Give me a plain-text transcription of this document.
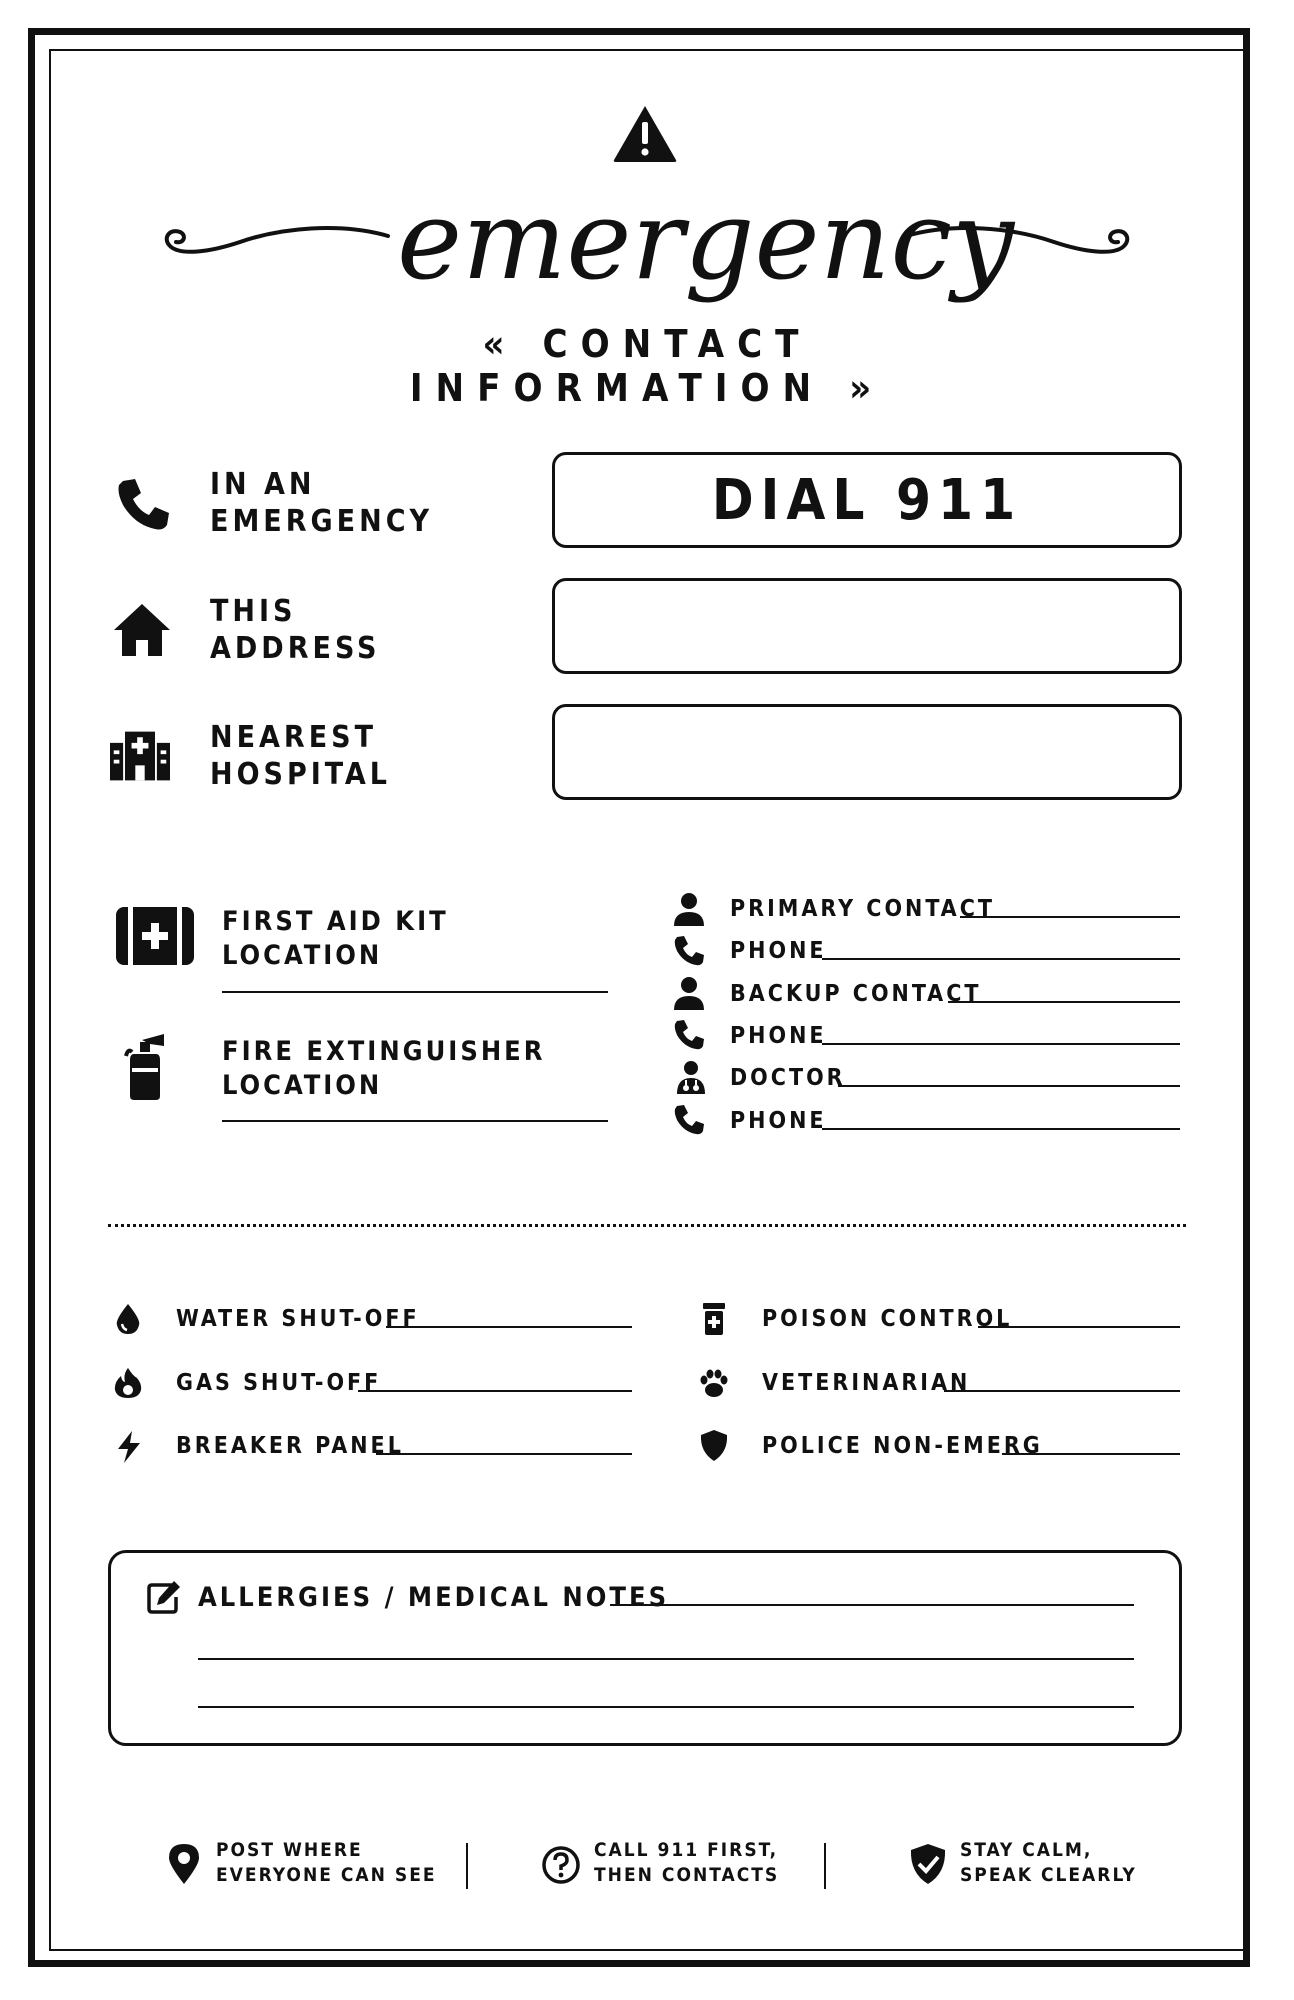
emergency
« CONTACT INFORMATION »
IN AN
EMERGENCY	DIAL 911
THIS
ADDRESS
NEAREST
HOSPITAL
FIRST AID KIT
LOCATION
FIRE EXTINGUISHER
LOCATION
PRIMARY CONTACT
PHONE
BACKUP CONTACT
PHONE
DOCTOR
PHONE
WATER SHUT-OFF
GAS SHUT-OFF
BREAKER PANEL
POISON CONTROL
VETERINARIAN
POLICE NON-EMERG
ALLERGIES / MEDICAL NOTES
POST WHERE
EVERYONE CAN SEE
CALL 911 FIRST,
THEN CONTACTS
STAY CALM,
SPEAK CLEARLY
